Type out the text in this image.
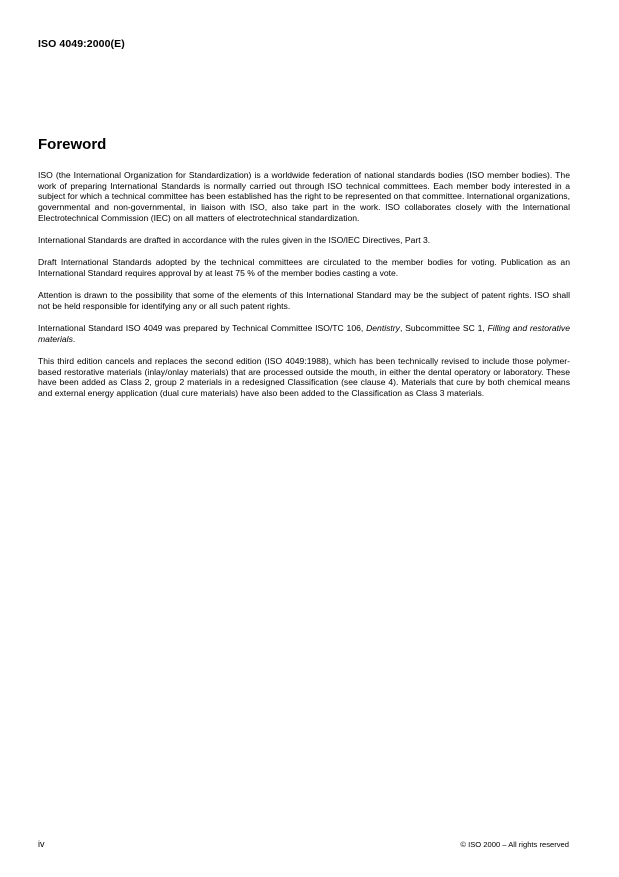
ISO 4049:2000(E)
Foreword

ISO (the International Organization for Standardization) is a worldwide federation of national standards bodies (ISO member bodies). The work of preparing International Standards is normally carried out through ISO technical committees. Each member body interested in a subject for which a technical committee has been established has the right to be represented on that committee. International organizations, governmental and non-governmental, in liaison with ISO, also take part in the work. ISO collaborates closely with the International Electrotechnical Commission (IEC) on all matters of electrotechnical standardization.

International Standards are drafted in accordance with the rules given in the ISO/IEC Directives, Part 3.

Draft International Standards adopted by the technical committees are circulated to the member bodies for voting. Publication as an International Standard requires approval by at least 75 % of the member bodies casting a vote.

Attention is drawn to the possibility that some of the elements of this International Standard may be the subject of patent rights. ISO shall not be held responsible for identifying any or all such patent rights.

International Standard ISO 4049 was prepared by Technical Committee ISO/TC 106, Dentistry, Subcommittee SC 1, Filling and restorative materials.

This third edition cancels and replaces the second edition (ISO 4049:1988), which has been technically revised to include those polymer-based restorative materials (inlay/onlay materials) that are processed outside the mouth, in either the dental operatory or laboratory. These have been added as Class 2, group 2 materials in a redesigned Classification (see clause 4). Materials that cure by both chemical means and external energy application (dual cure materials) have also been added to the Classification as Class 3 materials.

iv	© ISO 2000 – All rights reserved
